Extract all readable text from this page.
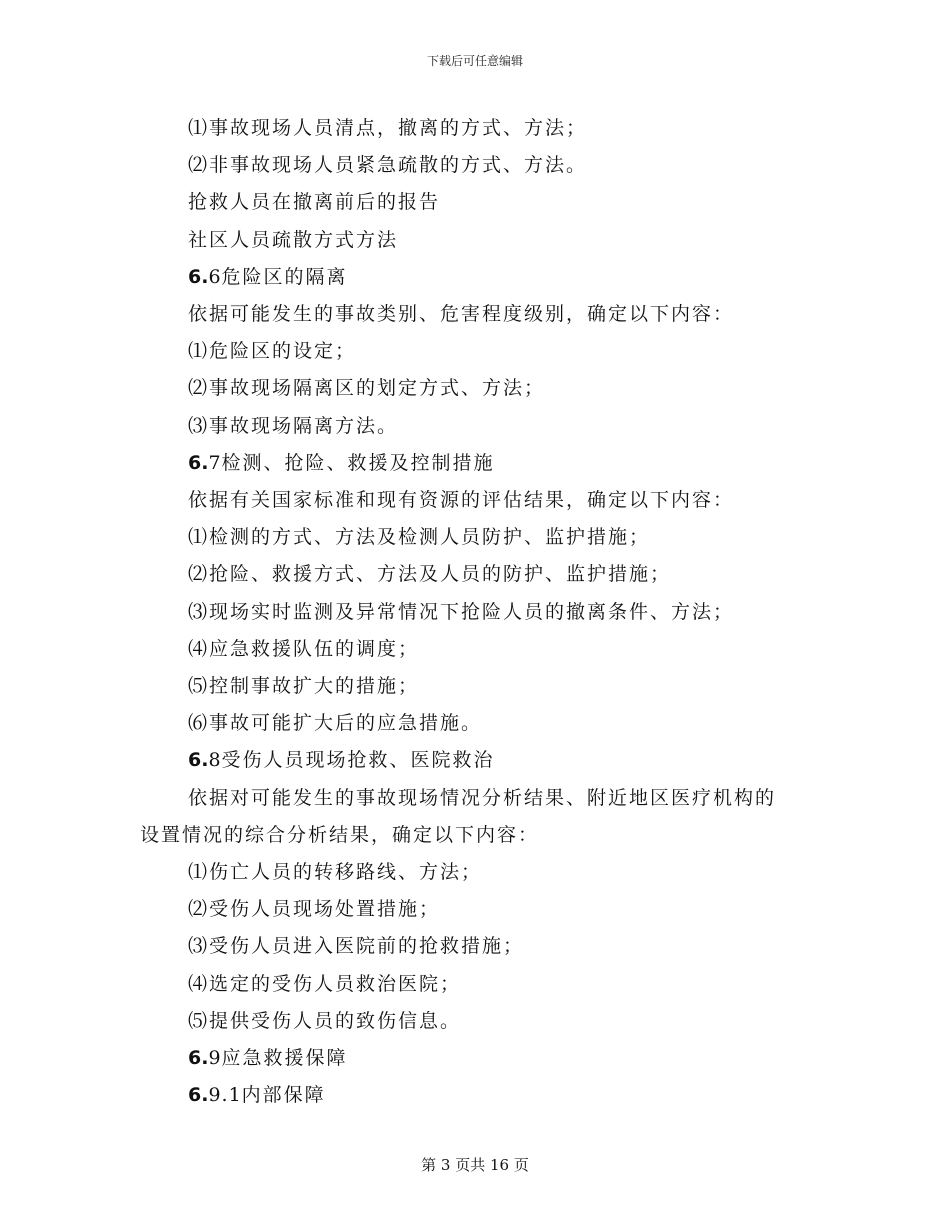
下载后可任意编辑
⑴事故现场人员清点，撤离的方式、方法；
⑵非事故现场人员紧急疏散的方式、方法。
抢救人员在撤离前后的报告
社区人员疏散方式方法
6.6危险区的隔离
依据可能发生的事故类别、危害程度级别，确定以下内容：
⑴危险区的设定；
⑵事故现场隔离区的划定方式、方法；
⑶事故现场隔离方法。
6.7检测、抢险、救援及控制措施
依据有关国家标准和现有资源的评估结果，确定以下内容：
⑴检测的方式、方法及检测人员防护、监护措施；
⑵抢险、救援方式、方法及人员的防护、监护措施；
⑶现场实时监测及异常情况下抢险人员的撤离条件、方法；
⑷应急救援队伍的调度；
⑸控制事故扩大的措施；
⑹事故可能扩大后的应急措施。
6.8受伤人员现场抢救、医院救治
依据对可能发生的事故现场情况分析结果、附近地区医疗机构的
设置情况的综合分析结果，确定以下内容：
⑴伤亡人员的转移路线、方法；
⑵受伤人员现场处置措施；
⑶受伤人员进入医院前的抢救措施；
⑷选定的受伤人员救治医院；
⑸提供受伤人员的致伤信息。
6.9应急救援保障
6.9.1内部保障
第 3 页共 16 页
